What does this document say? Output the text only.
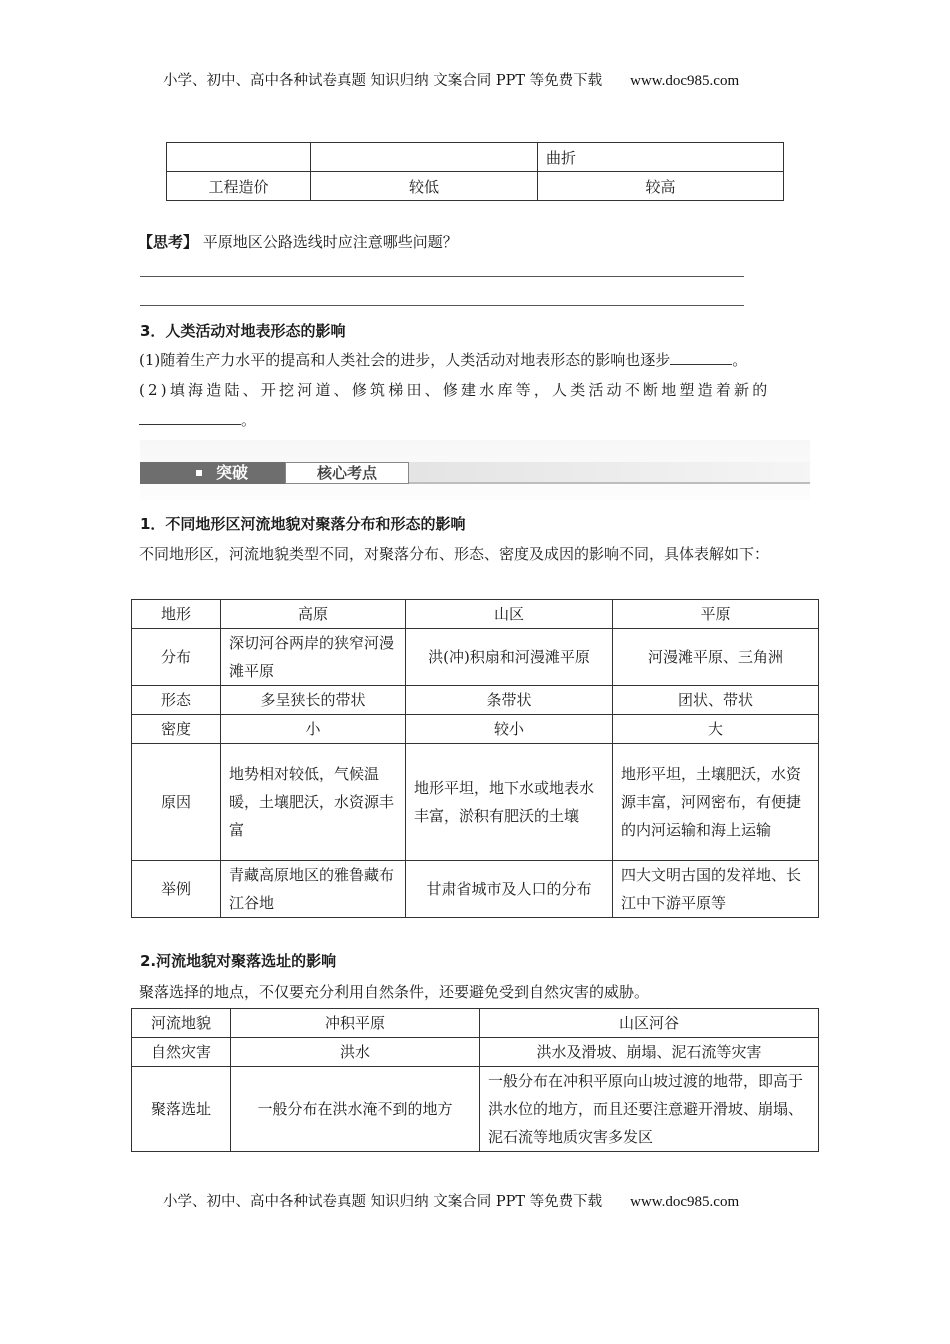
小学、初中、高中各种试卷真题 知识归纳 文案合同 PPT 等免费下载 www.doc985.com
		曲折
工程造价	较低	较高
【思考】 平原地区公路选线时应注意哪些问题？
3．人类活动对地表形态的影响
(1)随着生产力水平的提高和人类社会的进步，人类活动对地表形态的影响也逐步	。
(2)填海造陆、开挖河道、修筑梯田、修建水库等，人类活动不断地塑造着新的
。
突破	核心考点
1．不同地形区河流地貌对聚落分布和形态的影响
不同地形区，河流地貌类型不同，对聚落分布、形态、密度及成因的影响不同，具体表解如下：
地形	高原	山区	平原
分布	深切河谷两岸的狭窄河漫滩平原	洪(冲)积扇和河漫滩平原	河漫滩平原、三角洲
形态	多呈狭长的带状	条带状	团状、带状
密度	小	较小	大
原因	地势相对较低，气候温暖，土壤肥沃，水资源丰富	地形平坦，地下水或地表水丰富，淤积有肥沃的土壤	地形平坦，土壤肥沃，水资源丰富，河网密布，有便捷的内河运输和海上运输
举例	青藏高原地区的雅鲁藏布江谷地	甘肃省城市及人口的分布	四大文明古国的发祥地、长江中下游平原等
2.河流地貌对聚落选址的影响
聚落选择的地点，不仅要充分利用自然条件，还要避免受到自然灾害的威胁。
河流地貌	冲积平原	山区河谷
自然灾害	洪水	洪水及滑坡、崩塌、泥石流等灾害
聚落选址	一般分布在洪水淹不到的地方	一般分布在冲积平原向山坡过渡的地带，即高于洪水位的地方，而且还要注意避开滑坡、崩塌、泥石流等地质灾害多发区
小学、初中、高中各种试卷真题 知识归纳 文案合同 PPT 等免费下载 www.doc985.com
